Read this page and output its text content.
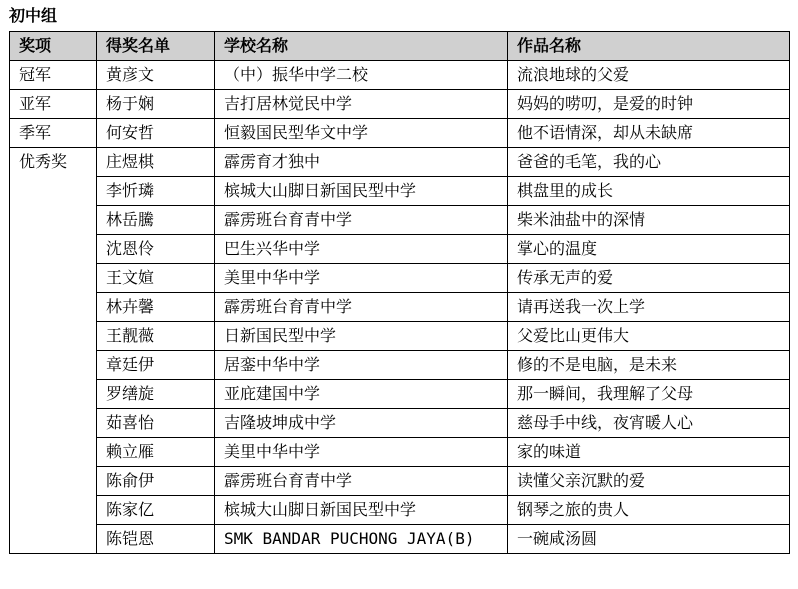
初中组
奖项	得奖名单	学校名称	作品名称
冠军	黄彦文	（中）振华中学二校	流浪地球的父爱
亚军	杨于娴	吉打居林觉民中学	妈妈的唠叨，是爱的时钟
季军	何安哲	恒毅国民型华文中学	他不语情深，却从未缺席
优秀奖	庄煜棋	霹雳育才独中	爸爸的毛笔，我的心
	李忻璘	槟城大山脚日新国民型中学	棋盘里的成长
	林岳騰	霹雳班台育青中学	柴米油盐中的深情
	沈恩伶	巴生兴华中学	掌心的温度
	王文媗	美里中华中学	传承无声的爱
	林卉馨	霹雳班台育青中学	请再送我一次上学
	王靓薇	日新国民型中学	父爱比山更伟大
	章廷伊	居銮中华中学	修的不是电脑，是未来
	罗缮旋	亚庇建国中学	那一瞬间，我理解了父母
	茹喜怡	吉隆坡坤成中学	慈母手中线，夜宵暖人心
	赖立雁	美里中华中学	家的味道
	陈俞伊	霹雳班台育青中学	读懂父亲沉默的爱
	陈家亿	槟城大山脚日新国民型中学	钢琴之旅的贵人
	陈铠恩	SMK BANDAR PUCHONG JAYA(B)	一碗咸汤圆
